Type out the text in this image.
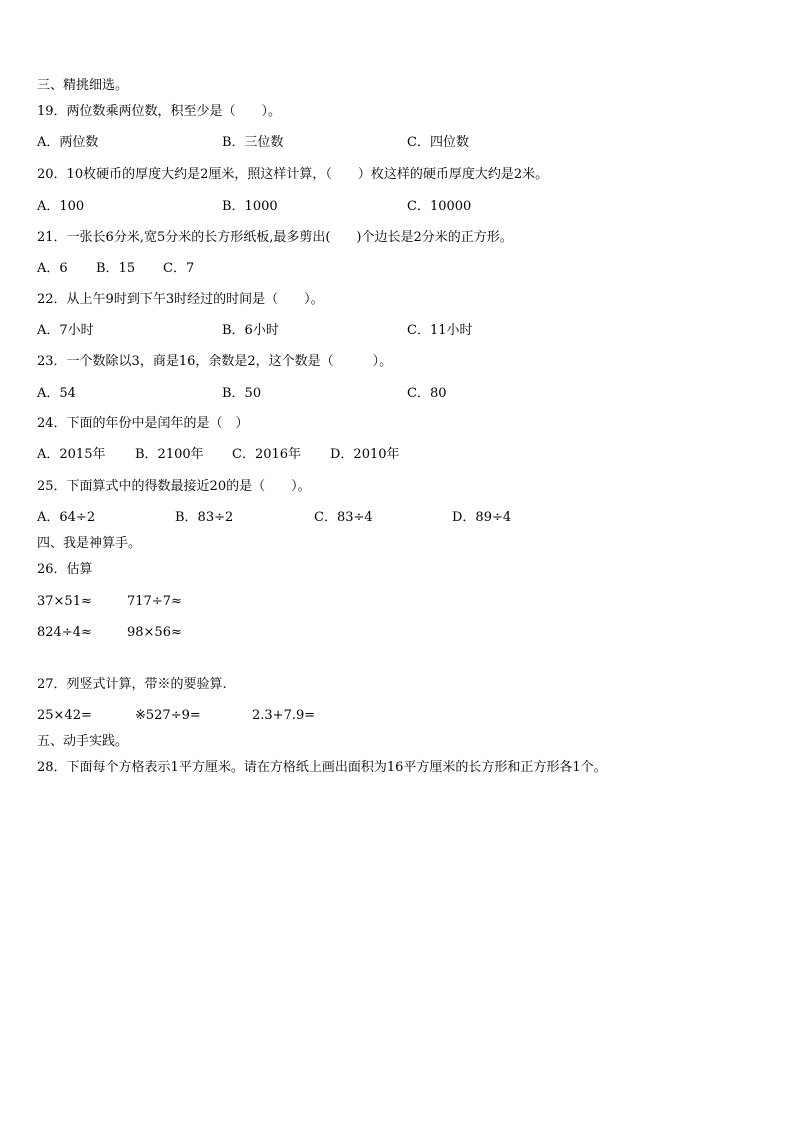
三、精挑细选。
19．两位数乘两位数，积至少是（　　）。
A．两位数	B．三位数	C．四位数
20．10枚硬币的厚度大约是2厘米，照这样计算，（　　）枚这样的硬币厚度大约是2米。
A．100	B．1000	C．10000
21．一张长6分米,宽5分米的长方形纸板,最多剪出(　　)个边长是2分米的正方形。
A．6 B．15 C．7
22．从上午9时到下午3时经过的时间是（　　）。
A．7小时	B．6小时	C．11小时
23．一个数除以3，商是16，余数是2，这个数是（　　　）。
A．54	B．50	C．80
24．下面的年份中是闰年的是（　）
A．2015年 B．2100年 C．2016年 D．2010年
25．下面算式中的得数最接近20的是（　　）。
A．64÷2	B．83÷2	C．83÷4	D．89÷4
四、我是神算手。
26．估算
37×51≈	717÷7≈
824÷4≈	98×56≈
27．列竖式计算，带※的要验算.
25×42=	※527÷9=	2.3+7.9=
五、动手实践。
28．下面每个方格表示1平方厘米。请在方格纸上画出面积为16平方厘米的长方形和正方形各1个。
